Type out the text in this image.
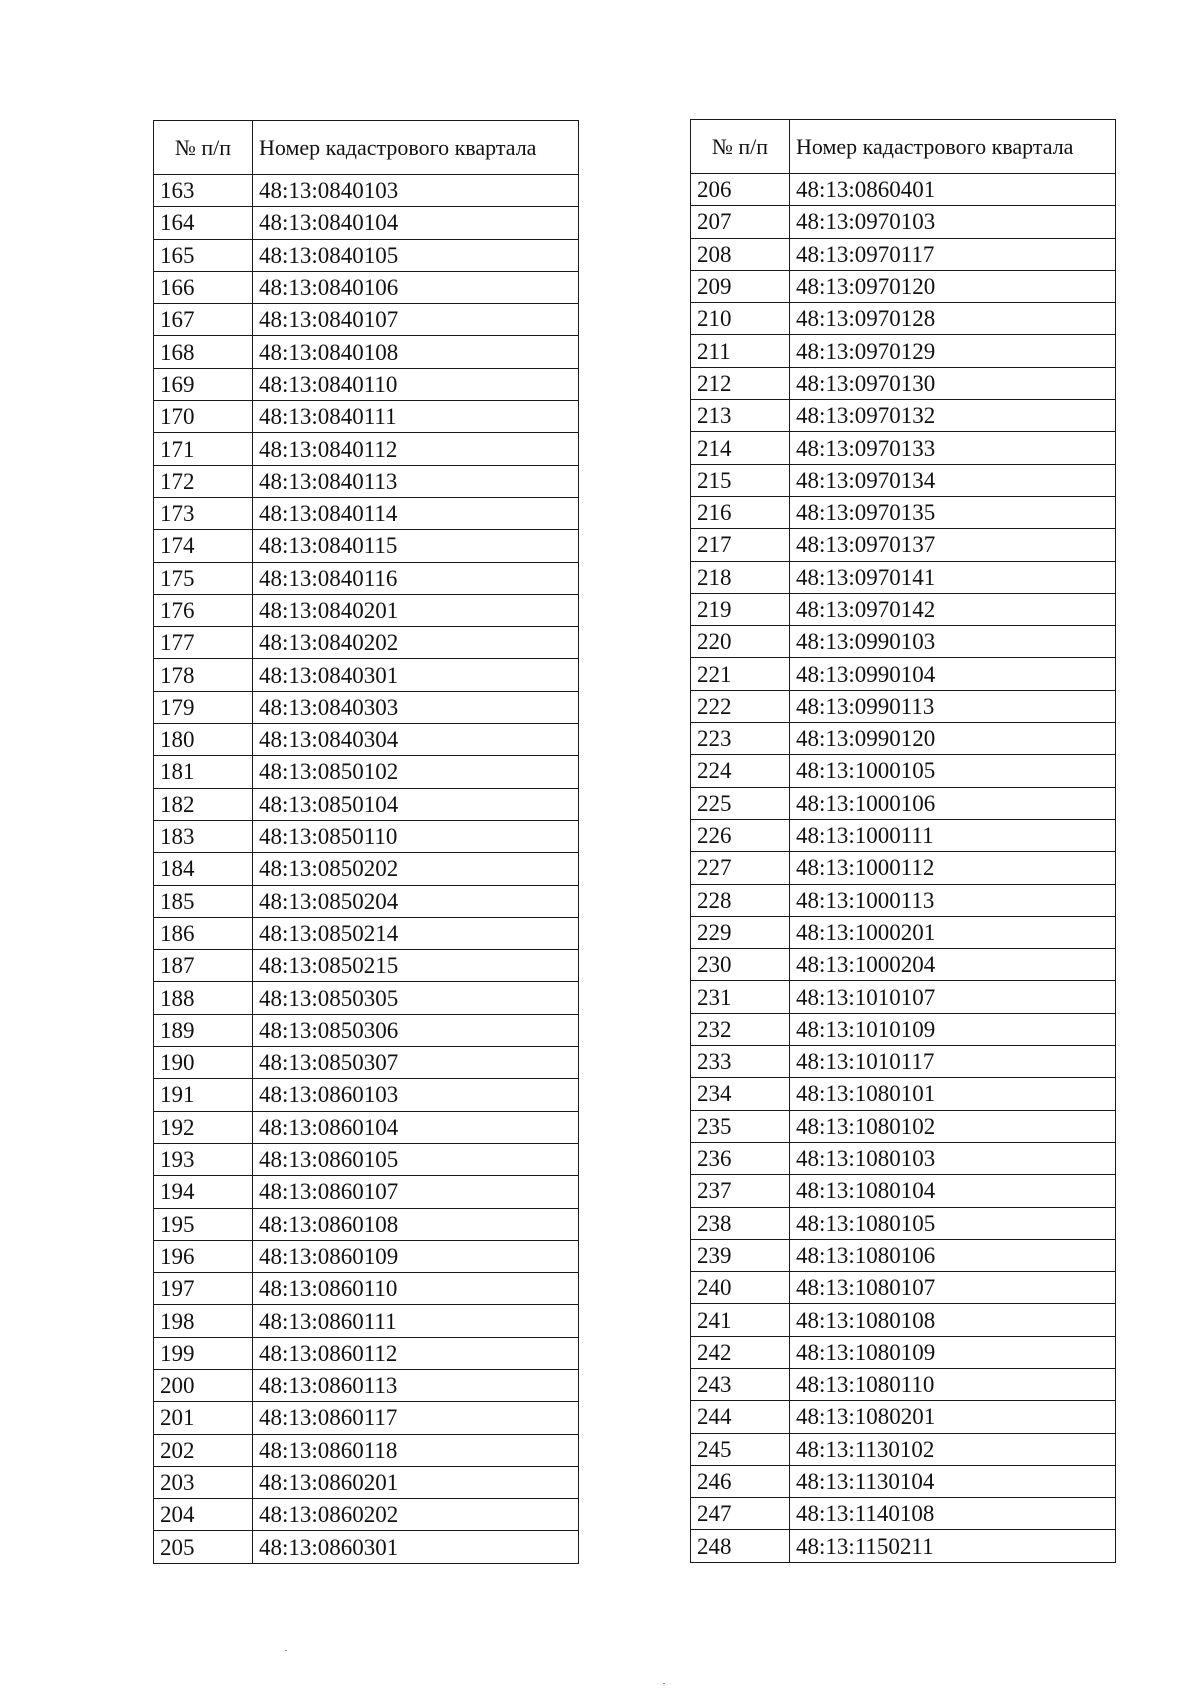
№ п/п	Номер кадастрового квартала
163	48:13:0840103
164	48:13:0840104
165	48:13:0840105
166	48:13:0840106
167	48:13:0840107
168	48:13:0840108
169	48:13:0840110
170	48:13:0840111
171	48:13:0840112
172	48:13:0840113
173	48:13:0840114
174	48:13:0840115
175	48:13:0840116
176	48:13:0840201
177	48:13:0840202
178	48:13:0840301
179	48:13:0840303
180	48:13:0840304
181	48:13:0850102
182	48:13:0850104
183	48:13:0850110
184	48:13:0850202
185	48:13:0850204
186	48:13:0850214
187	48:13:0850215
188	48:13:0850305
189	48:13:0850306
190	48:13:0850307
191	48:13:0860103
192	48:13:0860104
193	48:13:0860105
194	48:13:0860107
195	48:13:0860108
196	48:13:0860109
197	48:13:0860110
198	48:13:0860111
199	48:13:0860112
200	48:13:0860113
201	48:13:0860117
202	48:13:0860118
203	48:13:0860201
204	48:13:0860202
205	48:13:0860301
№ п/п	Номер кадастрового квартала
206	48:13:0860401
207	48:13:0970103
208	48:13:0970117
209	48:13:0970120
210	48:13:0970128
211	48:13:0970129
212	48:13:0970130
213	48:13:0970132
214	48:13:0970133
215	48:13:0970134
216	48:13:0970135
217	48:13:0970137
218	48:13:0970141
219	48:13:0970142
220	48:13:0990103
221	48:13:0990104
222	48:13:0990113
223	48:13:0990120
224	48:13:1000105
225	48:13:1000106
226	48:13:1000111
227	48:13:1000112
228	48:13:1000113
229	48:13:1000201
230	48:13:1000204
231	48:13:1010107
232	48:13:1010109
233	48:13:1010117
234	48:13:1080101
235	48:13:1080102
236	48:13:1080103
237	48:13:1080104
238	48:13:1080105
239	48:13:1080106
240	48:13:1080107
241	48:13:1080108
242	48:13:1080109
243	48:13:1080110
244	48:13:1080201
245	48:13:1130102
246	48:13:1130104
247	48:13:1140108
248	48:13:1150211
